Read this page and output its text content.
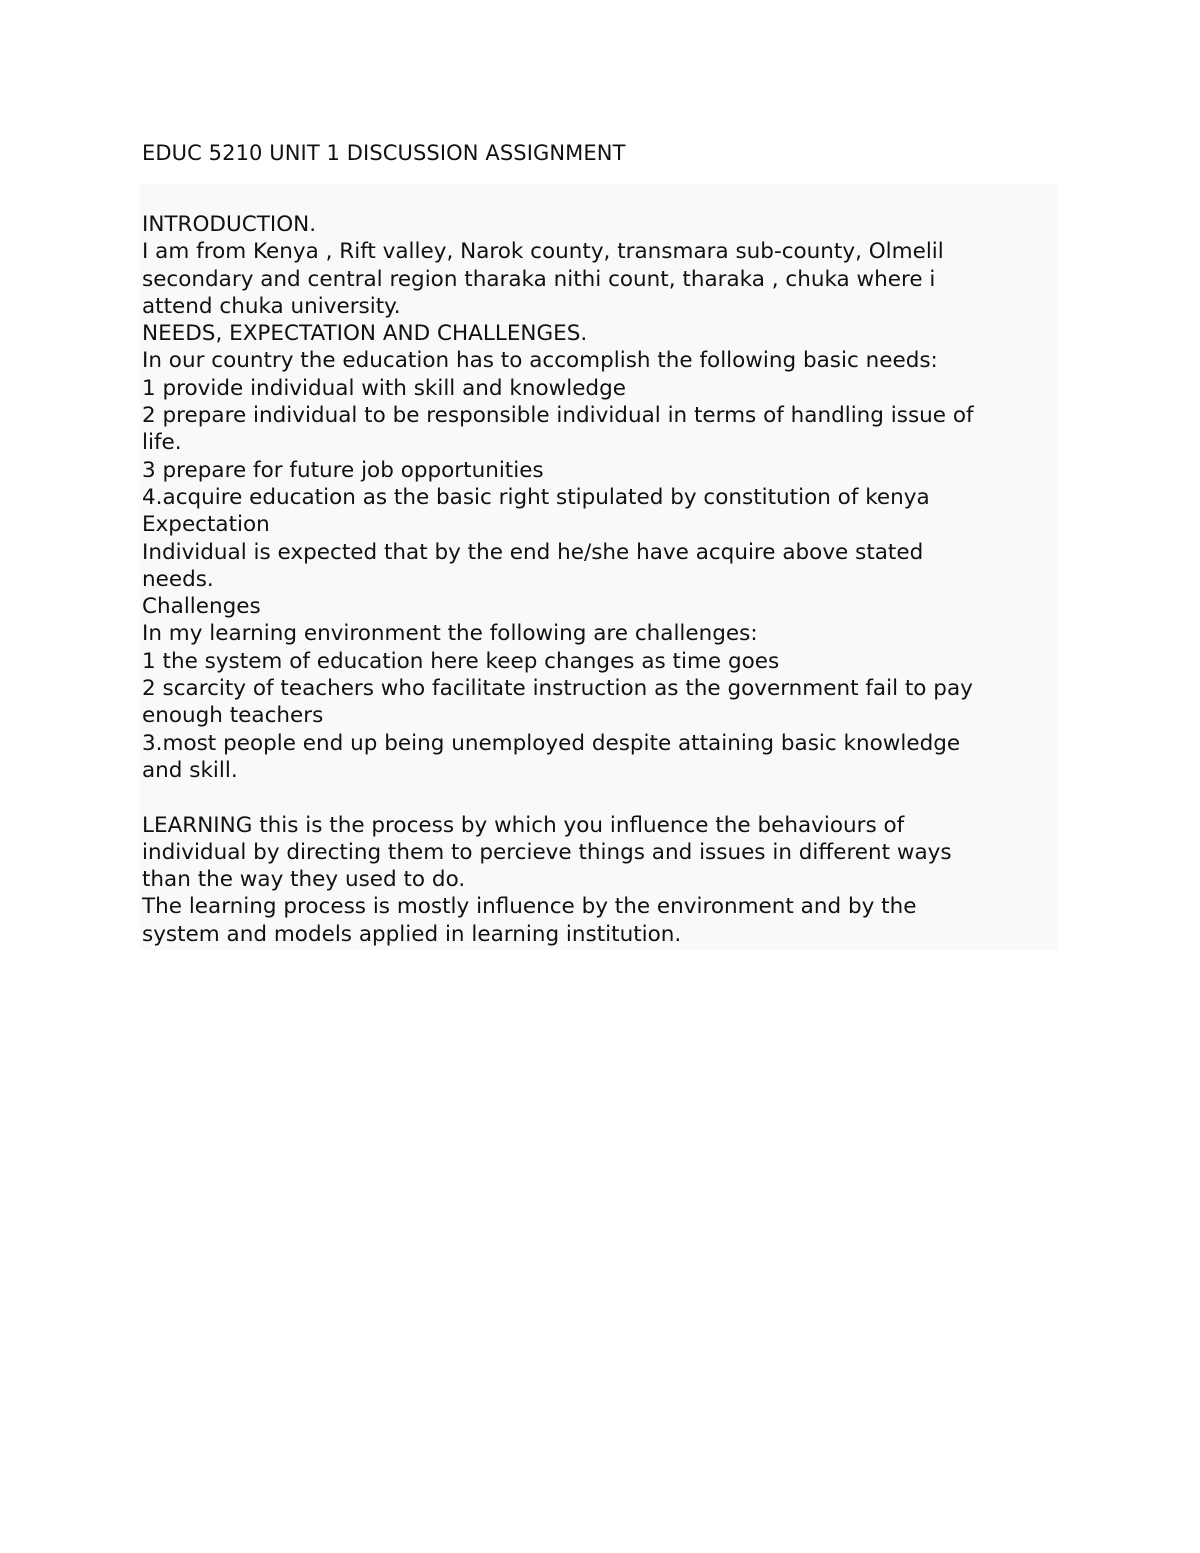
EDUC 5210 UNIT 1 DISCUSSION ASSIGNMENT
INTRODUCTION.
I am from Kenya , Rift valley, Narok county, transmara sub-county, Olmelil
secondary and central region tharaka nithi count, tharaka , chuka where i
attend chuka university.
NEEDS, EXPECTATION AND CHALLENGES.
In our country the education has to accomplish the following basic needs:
1 provide individual with skill and knowledge
2 prepare individual to be responsible individual in terms of handling issue of
life.
3 prepare for future job opportunities
4.acquire education as the basic right stipulated by constitution of kenya
Expectation
Individual is expected that by the end he/she have acquire above stated
needs.
Challenges
In my learning environment the following are challenges:
1 the system of education here keep changes as time goes
2 scarcity of teachers who facilitate instruction as the government fail to pay
enough teachers
3.most people end up being unemployed despite attaining basic knowledge
and skill.
LEARNING this is the process by which you influence the behaviours of
individual by directing them to percieve things and issues in different ways
than the way they used to do.
The learning process is mostly influence by the environment and by the
system and models applied in learning institution.
